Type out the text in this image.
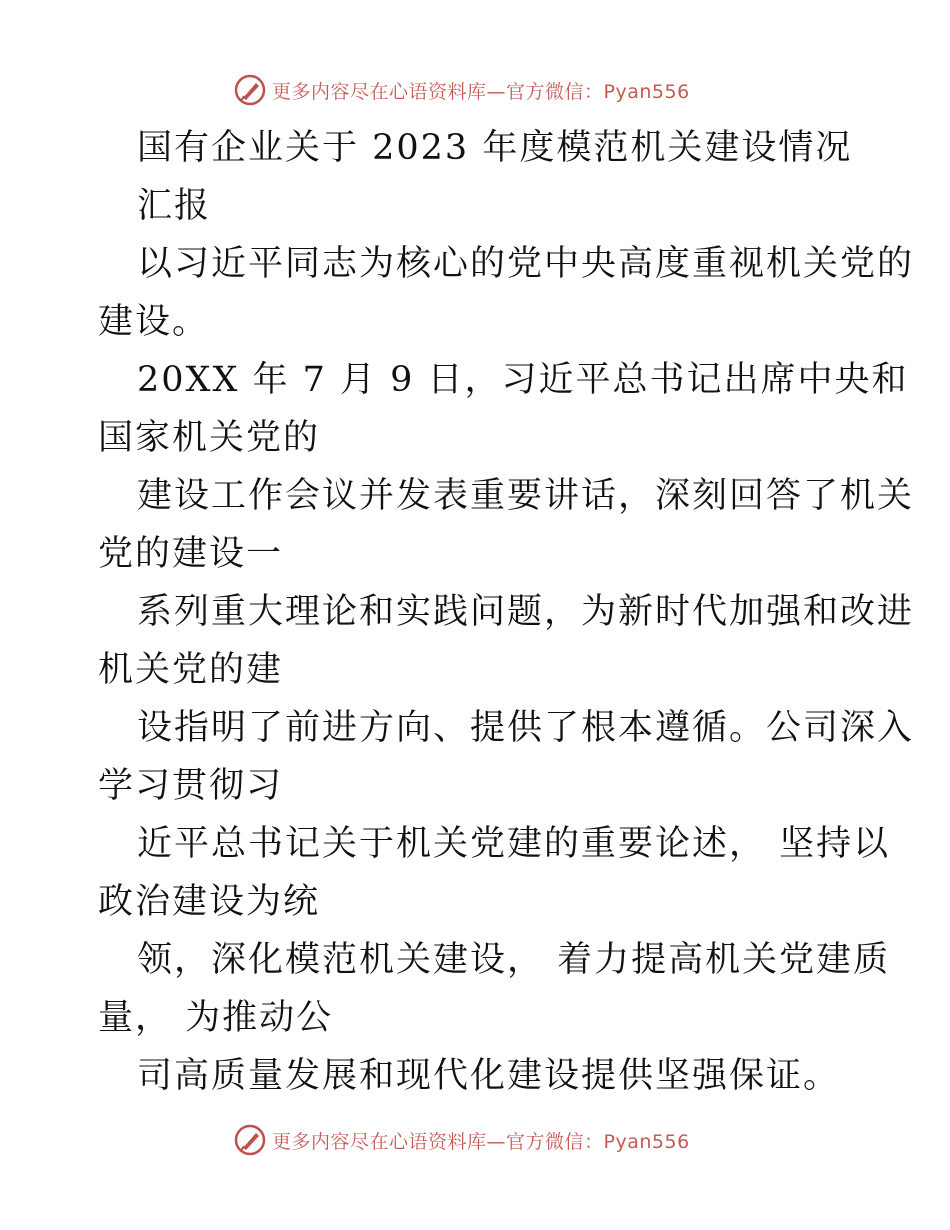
更多内容尽在心语资料库—官方微信：Pyan556
国有企业关于 2023 年度模范机关建设情况
汇报
以习近平同志为核心的党中央高度重视机关党的
建设。
20XX 年 7 月 9 日，习近平总书记出席中央和
国家机关党的
建设工作会议并发表重要讲话，深刻回答了机关
党的建设一
系列重大理论和实践问题，为新时代加强和改进
机关党的建
设指明了前进方向、提供了根本遵循。公司深入
学习贯彻习
近平总书记关于机关党建的重要论述， 坚持以
政治建设为统
领，深化模范机关建设， 着力提高机关党建质
量， 为推动公
司高质量发展和现代化建设提供坚强保证。
更多内容尽在心语资料库—官方微信：Pyan556
